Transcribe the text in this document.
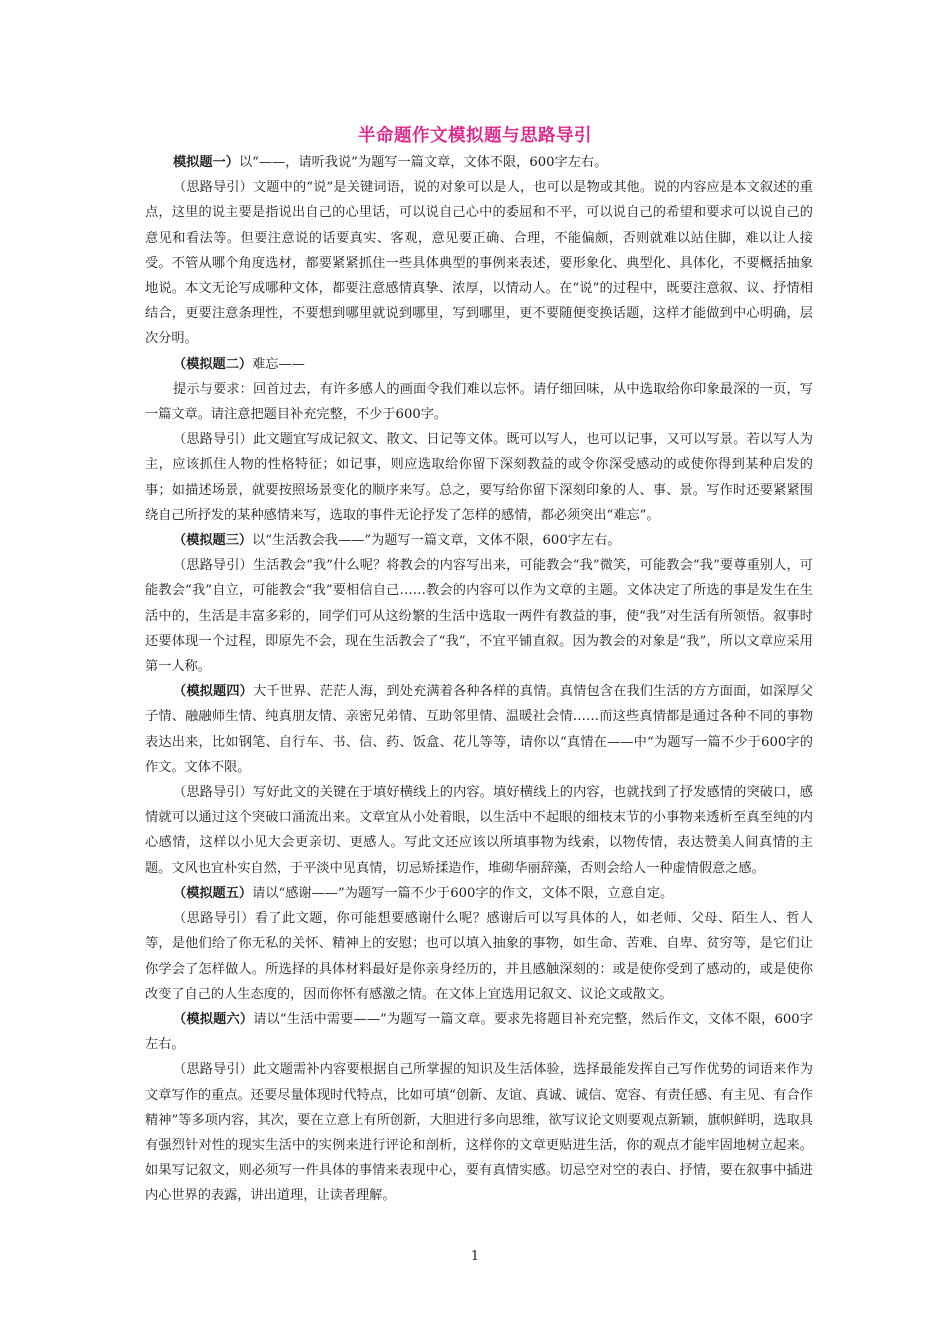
半命题作文模拟题与思路导引

模拟题一）以“——，请听我说”为题写一篇文章，文体不限，600字左右。

（思路导引）文题中的“说”是关键词语，说的对象可以是人，也可以是物或其他。说的内容应是本文叙述的重点，这里的说主要是指说出自己的心里话，可以说自己心中的委屈和不平，可以说自己的希望和要求可以说自己的意见和看法等。但要注意说的话要真实、客观，意见要正确、合理，不能偏颇，否则就难以站住脚，难以让人接受。不管从哪个角度选材，都要紧紧抓住一些具体典型的事例来表述，要形象化、典型化、具体化，不要概括抽象地说。本文无论写成哪种文体，都要注意感情真挚、浓厚，以情动人。在“说”的过程中，既要注意叙、议、抒情相结合，更要注意条理性，不要想到哪里就说到哪里，写到哪里，更不要随便变换话题，这样才能做到中心明确，层次分明。

（模拟题二）难忘——

提示与要求：回首过去，有许多感人的画面令我们难以忘怀。请仔细回味，从中选取给你印象最深的一页，写一篇文章。请注意把题目补充完整，不少于600字。

（思路导引）此文题宜写成记叙文、散文、日记等文体。既可以写人，也可以记事，又可以写景。若以写人为主，应该抓住人物的性格特征；如记事，则应选取给你留下深刻教益的或令你深受感动的或使你得到某种启发的事；如描述场景，就要按照场景变化的顺序来写。总之，要写给你留下深刻印象的人、事、景。写作时还要紧紧围绕自己所抒发的某种感情来写，选取的事件无论抒发了怎样的感情，都必须突出“难忘”。

（模拟题三）以“生活教会我——”为题写一篇文章，文体不限，600字左右。

（思路导引）生活教会“我”什么呢？将教会的内容写出来，可能教会“我”微笑，可能教会“我”要尊重别人，可能教会“我”自立，可能教会“我”要相信自己……教会的内容可以作为文章的主题。文体决定了所选的事是发生在生活中的，生活是丰富多彩的，同学们可从这纷繁的生活中选取一两件有教益的事，使“我”对生活有所领悟。叙事时还要体现一个过程，即原先不会，现在生活教会了“我”，不宜平铺直叙。因为教会的对象是“我”，所以文章应采用第一人称。

（模拟题四）大千世界、茫茫人海，到处充满着各种各样的真情。真情包含在我们生活的方方面面，如深厚父子情、融融师生情、纯真朋友情、亲密兄弟情、互助邻里情、温暖社会情……而这些真情都是通过各种不同的事物表达出来，比如钢笔、自行车、书、信、药、饭盒、花儿等等，请你以“真情在——中“为题写一篇不少于600字的作文。文体不限。

（思路导引）写好此文的关键在于填好横线上的内容。填好横线上的内容，也就找到了抒发感情的突破口，感情就可以通过这个突破口涌流出来。文章宜从小处着眼，以生活中不起眼的细枝末节的小事物来透析至真至纯的内心感情，这样以小见大会更亲切、更感人。写此文还应该以所填事物为线索，以物传情，表达赞美人间真情的主题。文风也宜朴实自然，于平淡中见真情，切忌矫揉造作，堆砌华丽辞藻，否则会给人一种虚情假意之感。

（模拟题五）请以“感谢——”为题写一篇不少于600字的作文，文体不限，立意自定。

（思路导引）看了此文题，你可能想要感谢什么呢？感谢后可以写具体的人，如老师、父母、陌生人、哲人等，是他们给了你无私的关怀、精神上的安慰；也可以填入抽象的事物，如生命、苦难、自卑、贫穷等，是它们让你学会了怎样做人。所选择的具体材料最好是你亲身经历的，并且感触深刻的：或是使你受到了感动的，或是使你改变了自己的人生态度的，因而你怀有感激之情。在文体上宜选用记叙文、议论文或散文。

（模拟题六）请以“生活中需要——”为题写一篇文章。要求先将题目补充完整，然后作文，文体不限，600字左右。

（思路导引）此文题需补内容要根据自己所掌握的知识及生活体验，选择最能发挥自己写作优势的词语来作为文章写作的重点。还要尽量体现时代特点，比如可填“创新、友谊、真诚、诚信、宽容、有责任感、有主见、有合作精神”等多项内容，其次，要在立意上有所创新，大胆进行多向思维，欲写议论文则要观点新颖，旗帜鲜明，选取具有强烈针对性的现实生活中的实例来进行评论和剖析，这样你的文章更贴进生活，你的观点才能牢固地树立起来。如果写记叙文，则必须写一件具体的事情来表现中心，要有真情实感。切忌空对空的表白、抒情，要在叙事中插进内心世界的表露，讲出道理，让读者理解。

1
